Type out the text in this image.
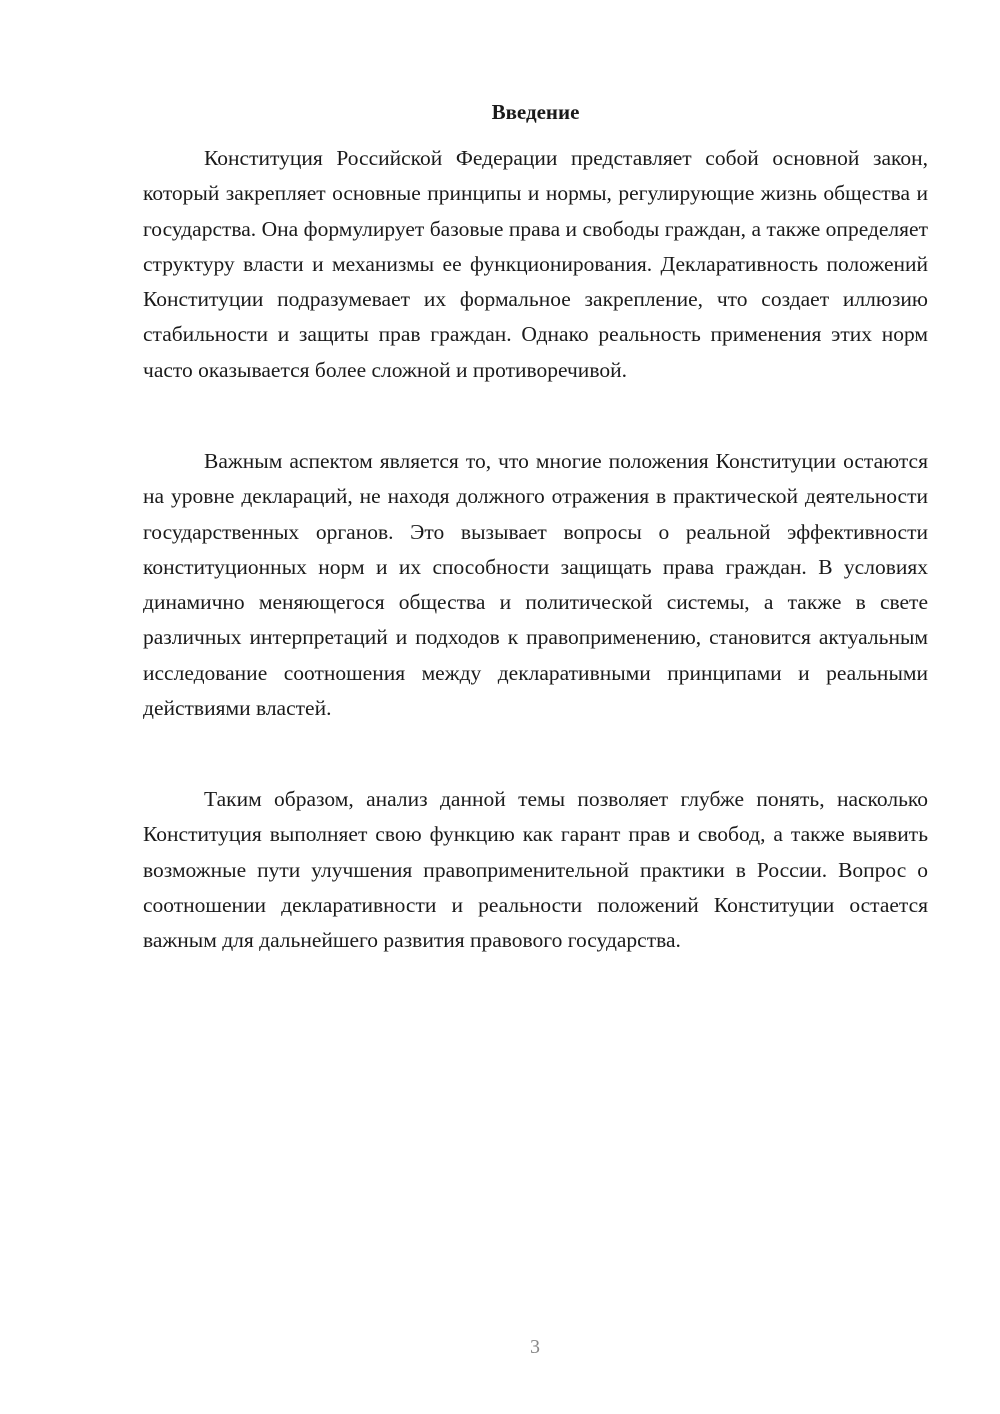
Введение

Конституция Российской Федерации представляет собой основной закон, который закрепляет основные принципы и нормы, регулирующие жизнь общества и государства. Она формулирует базовые права и свободы граждан, а также определяет структуру власти и механизмы ее функционирования. Декларативность положений Конституции подразумевает их формальное закрепление, что создает иллюзию стабильности и защиты прав граждан. Однако реальность применения этих норм часто оказывается более сложной и противоречивой.

Важным аспектом является то, что многие положения Конституции остаются на уровне деклараций, не находя должного отражения в практической деятельности государственных органов. Это вызывает вопросы о реальной эффективности конституционных норм и их способности защищать права граждан. В условиях динамично меняющегося общества и политической системы, а также в свете различных интерпретаций и подходов к правоприменению, становится актуальным исследование соотношения между декларативными принципами и реальными действиями властей.

Таким образом, анализ данной темы позволяет глубже понять, насколько Конституция выполняет свою функцию как гарант прав и свобод, а также выявить возможные пути улучшения правоприменительной практики в России. Вопрос о соотношении декларативности и реальности положений Конституции остается важным для дальнейшего развития правового государства.

3
